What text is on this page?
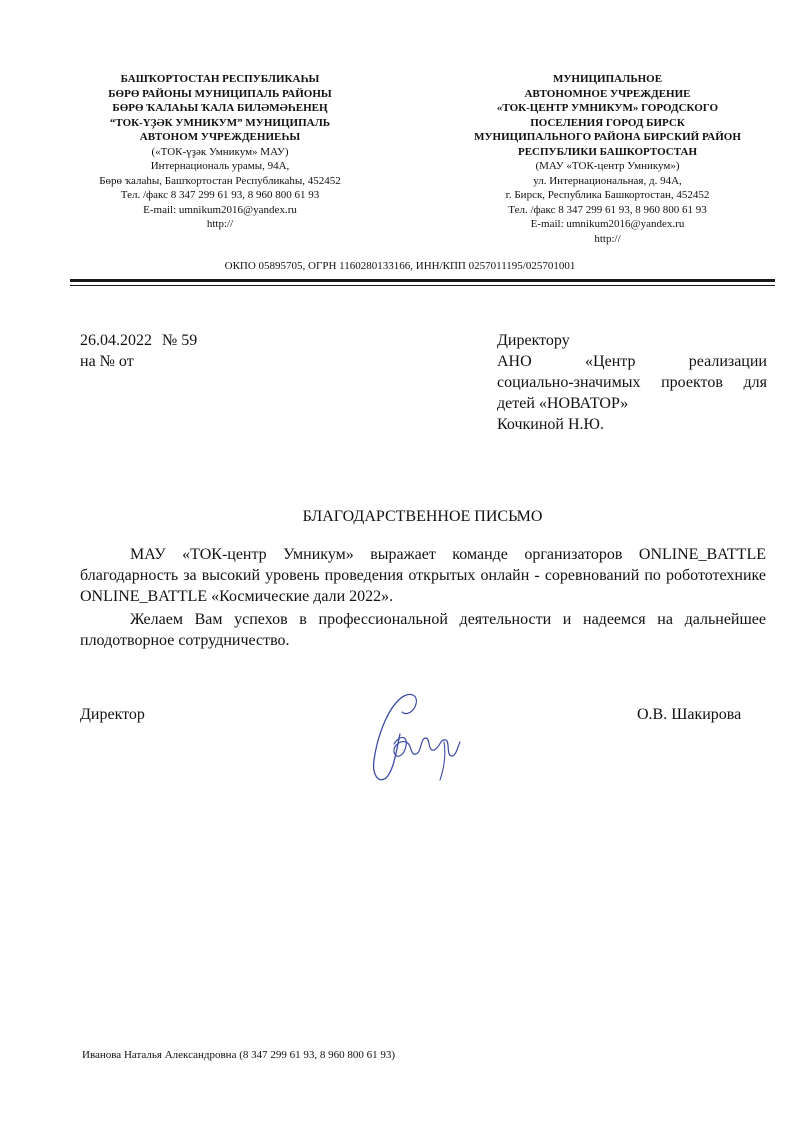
БАШҠОРТОСТАН РЕСПУБЛИКАҺЫ
БӨРӨ РАЙОНЫ МУНИЦИПАЛЬ РАЙОНЫ
БӨРӨ ҠАЛАҺЫ ҠАЛА БИЛӘМӘҺЕНЕҢ
“ТОК-ҮҘӘК УМНИКУМ” МУНИЦИПАЛЬ
АВТОНОМ УЧРЕЖДЕНИЕҺЫ
(«ТОК-үҙәк Умникум» МАУ)
Интернациональ урамы, 94А,
Бөрө ҡалаһы, Башҡортостан Республикаһы, 452452
Тел. /факс 8 347 299 61 93, 8 960 800 61 93
E-mail: umnikum2016@yandex.ru
http://
МУНИЦИПАЛЬНОЕ
АВТОНОМНОЕ УЧРЕЖДЕНИЕ
«ТОК-ЦЕНТР УМНИКУМ» ГОРОДСКОГО
ПОСЕЛЕНИЯ ГОРОД БИРСК
МУНИЦИПАЛЬНОГО РАЙОНА БИРСКИЙ РАЙОН
РЕСПУБЛИКИ БАШКОРТОСТАН
(МАУ «ТОК-центр Умникум»)
ул. Интернациональная, д. 94А,
г. Бирск, Республика Башкортостан, 452452
Тел. /факс 8 347 299 61 93, 8 960 800 61 93
E-mail: umnikum2016@yandex.ru
http://
ОКПО 05895705, ОГРН 1160280133166, ИНН/КПП 0257011195/025701001
26.04.2022 № 59
на № от
Директору
АНО	«Центр	реализации
социально-значимых проектов для
детей «НОВАТОР»
Кочкиной Н.Ю.
БЛАГОДАРСТВЕННОЕ ПИСЬМО

МАУ «ТОК-центр Умникум» выражает команде организаторов ONLINE_BATTLE благодарность за высокий уровень проведения открытых онлайн - соревнований по робототехнике ONLINE_BATTLE «Космические дали 2022».

Желаем Вам успехов в профессиональной деятельности и надеемся на дальнейшее плодотворное сотрудничество.

Директор	О.В. Шакирова
Иванова Наталья Александровна (8 347 299 61 93, 8 960 800 61 93)
